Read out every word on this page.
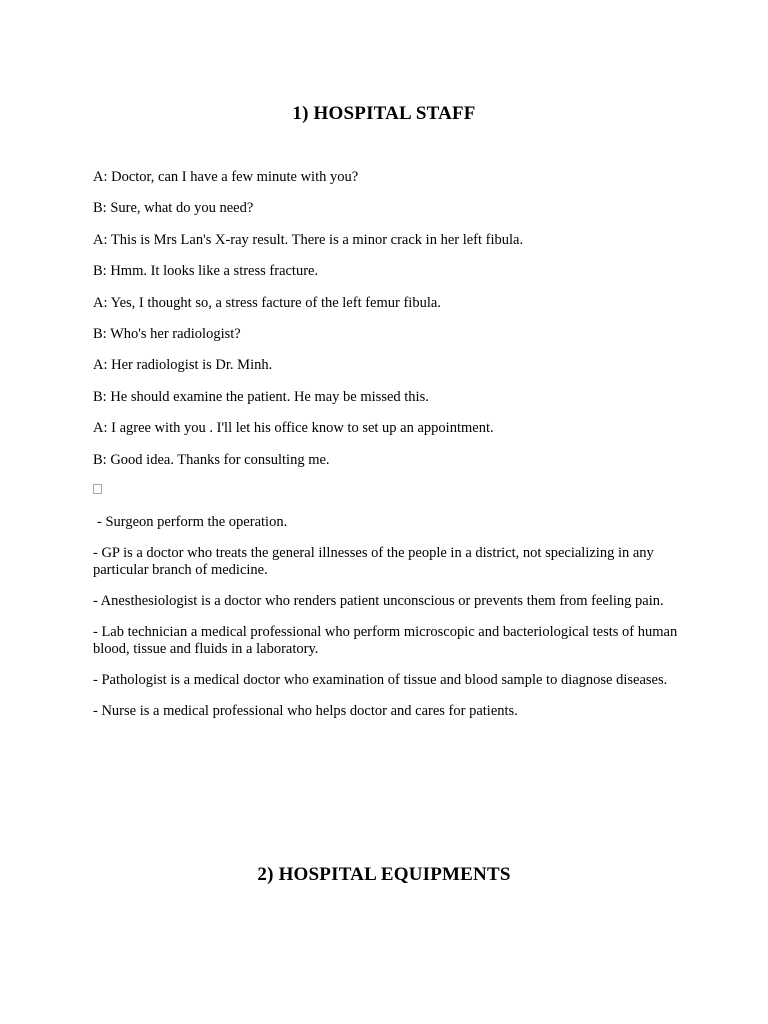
1) HOSPITAL STAFF
A: Doctor, can I have a few minute with you?
B: Sure, what do you need?
A: This is Mrs Lan's X-ray result. There is a minor crack in her left fibula.
B: Hmm. It looks like a stress fracture.
A: Yes, I thought so, a stress facture of the left femur fibula.
B: Who's her radiologist?
A: Her radiologist is Dr. Minh.
B: He should examine the patient. He may be missed this.
A: I agree with you . I'll let his office know to set up an appointment.
B: Good idea. Thanks for consulting me.
- Surgeon perform the operation.
- GP is a doctor who treats the general illnesses of the people in a district, not specializing in any particular branch of medicine.
- Anesthesiologist is a doctor who renders patient unconscious or prevents them from feeling pain.
- Lab technician a medical professional who perform microscopic and bacteriological tests of human blood, tissue and fluids in a laboratory.
- Pathologist is a medical doctor who examination of tissue and blood sample to diagnose diseases.
- Nurse is a medical professional who helps doctor and cares for patients.
2) HOSPITAL EQUIPMENTS
